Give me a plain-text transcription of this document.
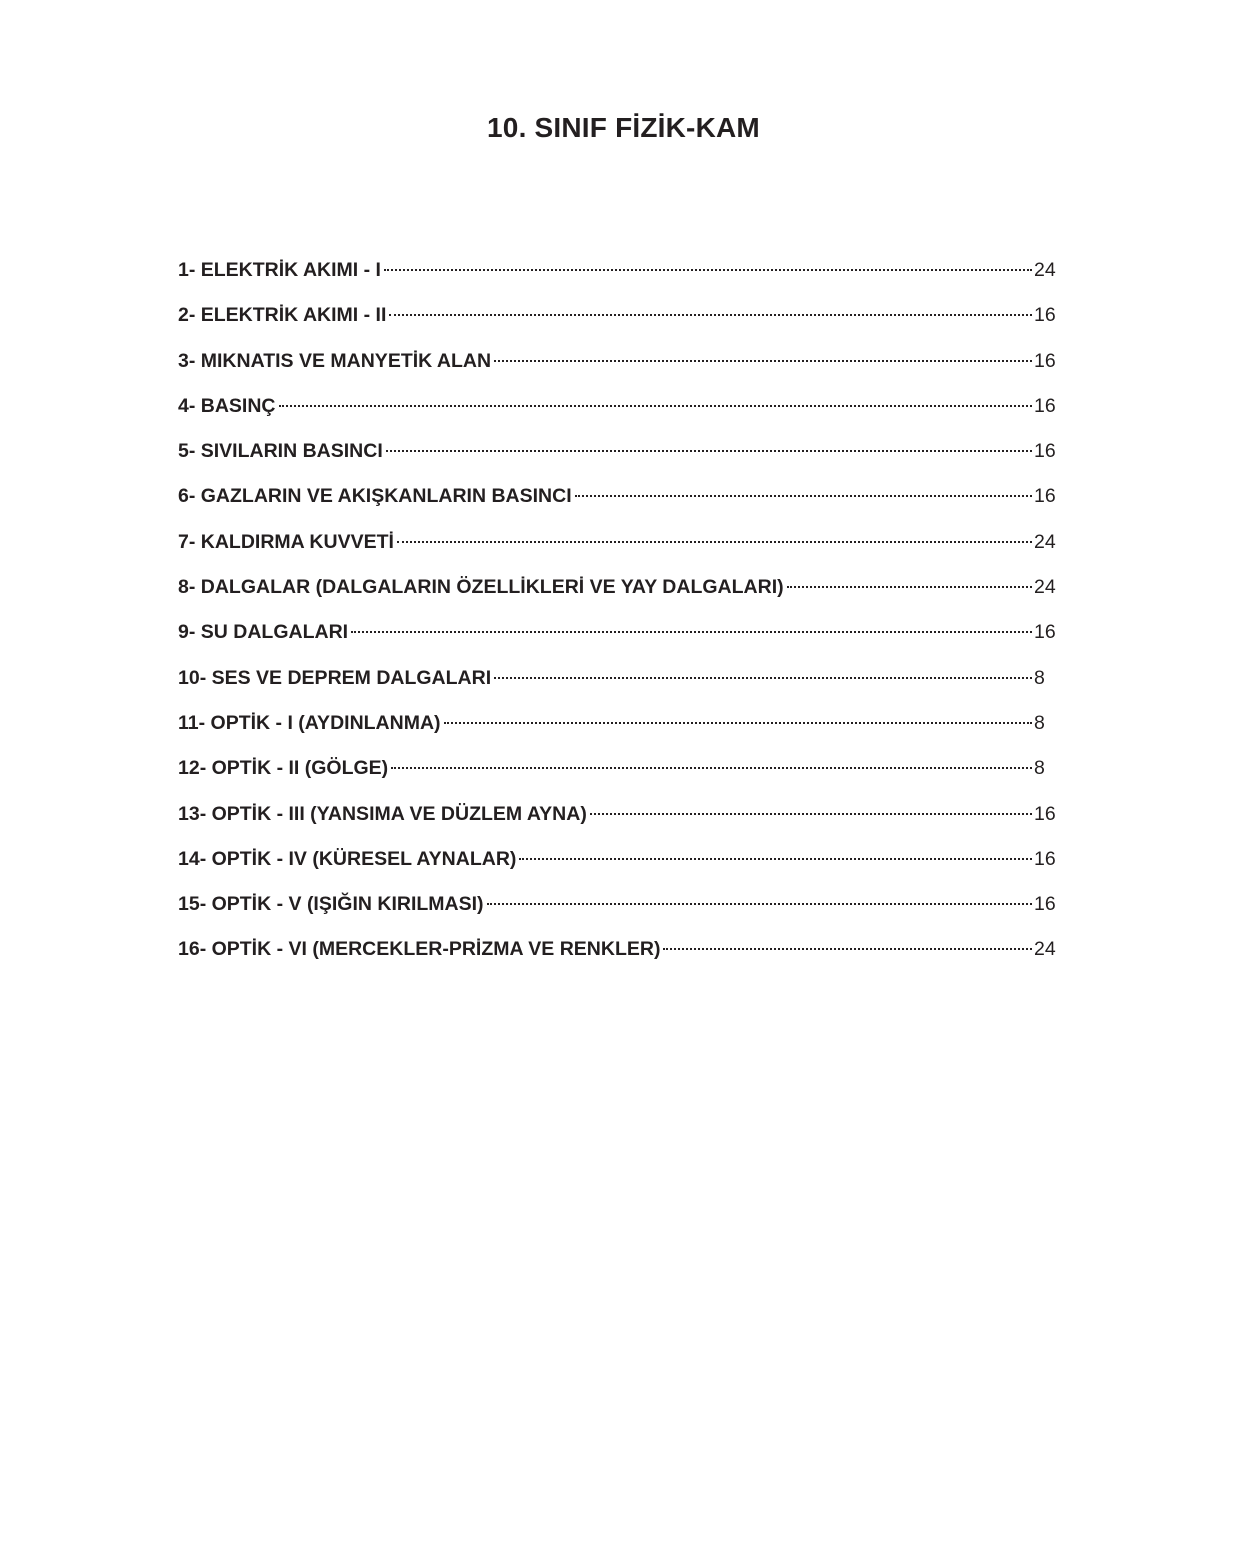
10. SINIF FİZİK-KAM
1- ELEKTRİK AKIMI - I	24
2- ELEKTRİK AKIMI - II	16
3- MIKNATIS VE MANYETİK ALAN	16
4- BASINÇ	16
5- SIVILARIN BASINCI	16
6- GAZLARIN VE AKIŞKANLARIN BASINCI	16
7- KALDIRMA KUVVETİ	24
8- DALGALAR (DALGALARIN ÖZELLİKLERİ VE YAY DALGALARI)	24
9- SU DALGALARI	16
10- SES VE DEPREM DALGALARI	8
11- OPTİK - I (AYDINLANMA)	8
12- OPTİK - II (GÖLGE)	8
13- OPTİK - III (YANSIMA VE DÜZLEM AYNA)	16
14- OPTİK - IV (KÜRESEL AYNALAR)	16
15- OPTİK - V (IŞIĞIN KIRILMASI)	16
16- OPTİK - VI (MERCEKLER-PRİZMA VE RENKLER)	24
